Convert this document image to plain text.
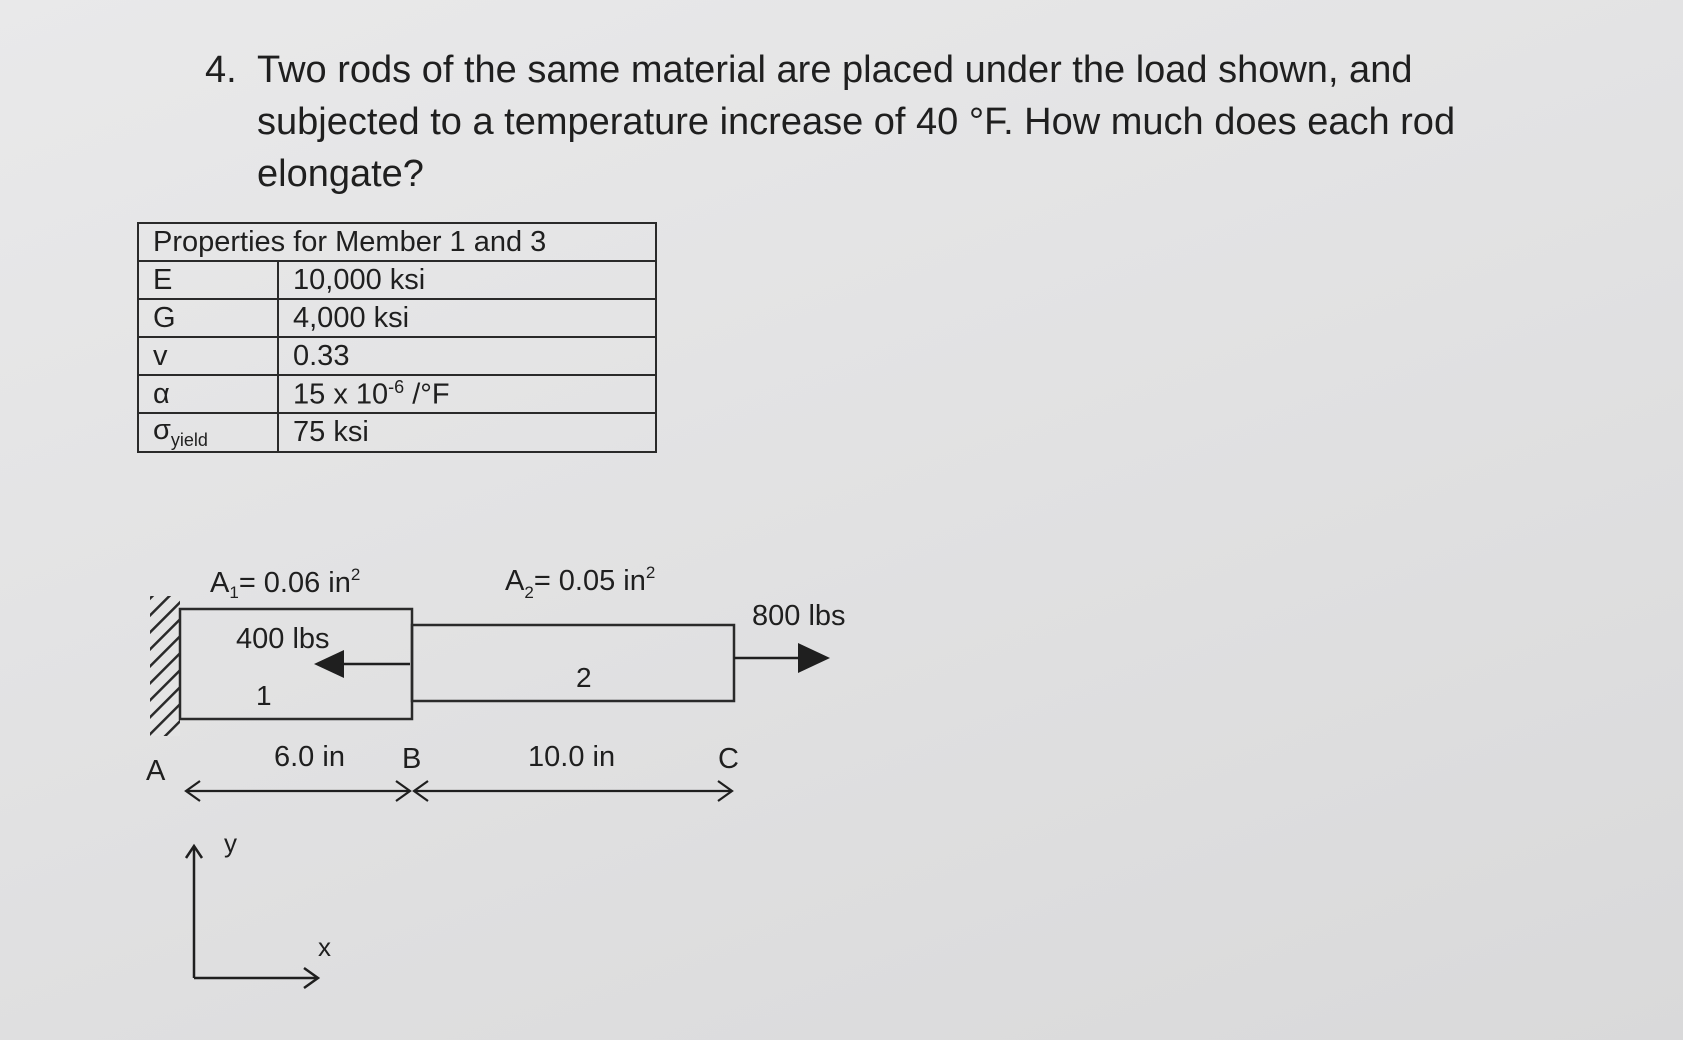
4. Two rods of the same material are placed under the load shown, and subjected to a temperature increase of 40 °F. How much does each rod elongate?
Properties for Member 1 and 3	
E	10,000 ksi
G	4,000 ksi
v	0.33
α	15 x $10^{-6}$ /°F
$\sigma_{yield}$	75 ksi
$A_1= 0.06$ $in^2$	$A_2= 0.05$ $in^2$
400 lbs
800 lbs
1
2
A	B	C
6.0 in	10.0 in
y
x
